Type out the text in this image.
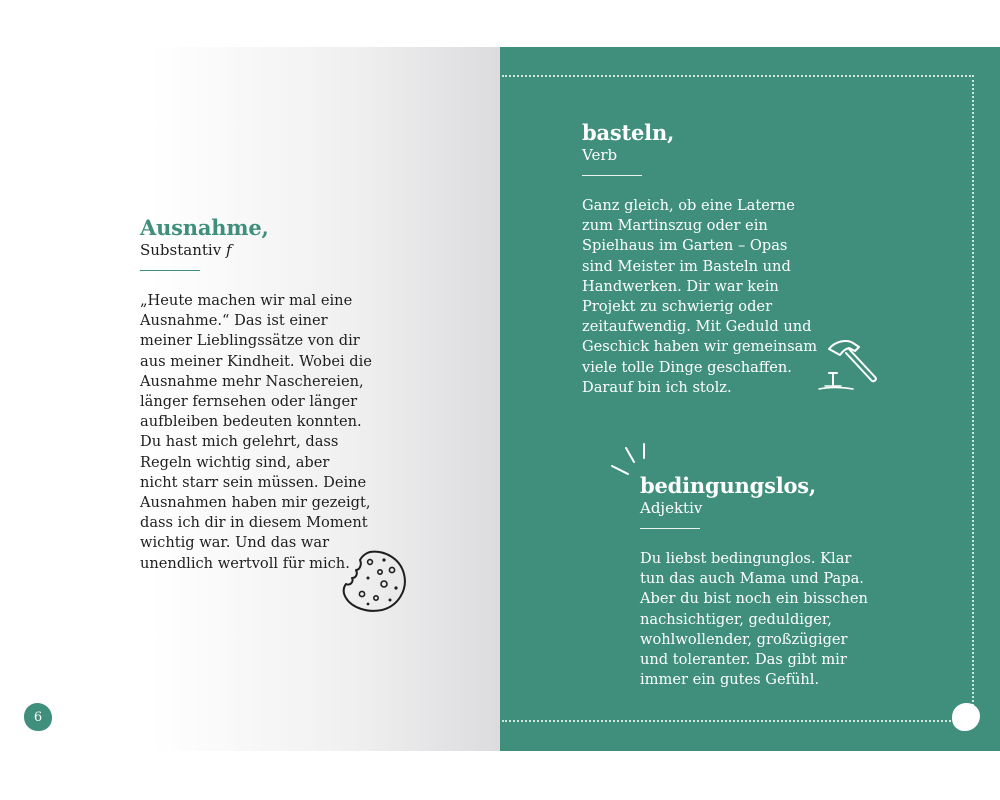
Ausnahme,
Substantiv f
„Heute machen wir mal eine
Ausnahme.“ Das ist einer
meiner Lieblingssätze von dir
aus meiner Kindheit. Wobei die
Ausnahme mehr Naschereien,
länger fernsehen oder länger
aufbleiben bedeuten konnten.
Du hast mich gelehrt, dass
Regeln wichtig sind, aber
nicht starr sein müssen. Deine
Ausnahmen haben mir gezeigt,
dass ich dir in diesem Moment
wichtig war. Und das war
unendlich wertvoll für mich.
6
basteln,
Verb
Ganz gleich, ob eine Laterne
zum Martinszug oder ein
Spielhaus im Garten – Opas
sind Meister im Basteln und
Handwerken. Dir war kein
Projekt zu schwierig oder
zeitaufwendig. Mit Geduld und
Geschick haben wir gemeinsam
viele tolle Dinge geschaffen.
Darauf bin ich stolz.
bedingungslos,
Adjektiv
Du liebst bedingunglos. Klar
tun das auch Mama und Papa.
Aber du bist noch ein bisschen
nachsichtiger, geduldiger,
wohlwollender, großzügiger
und toleranter. Das gibt mir
immer ein gutes Gefühl.
